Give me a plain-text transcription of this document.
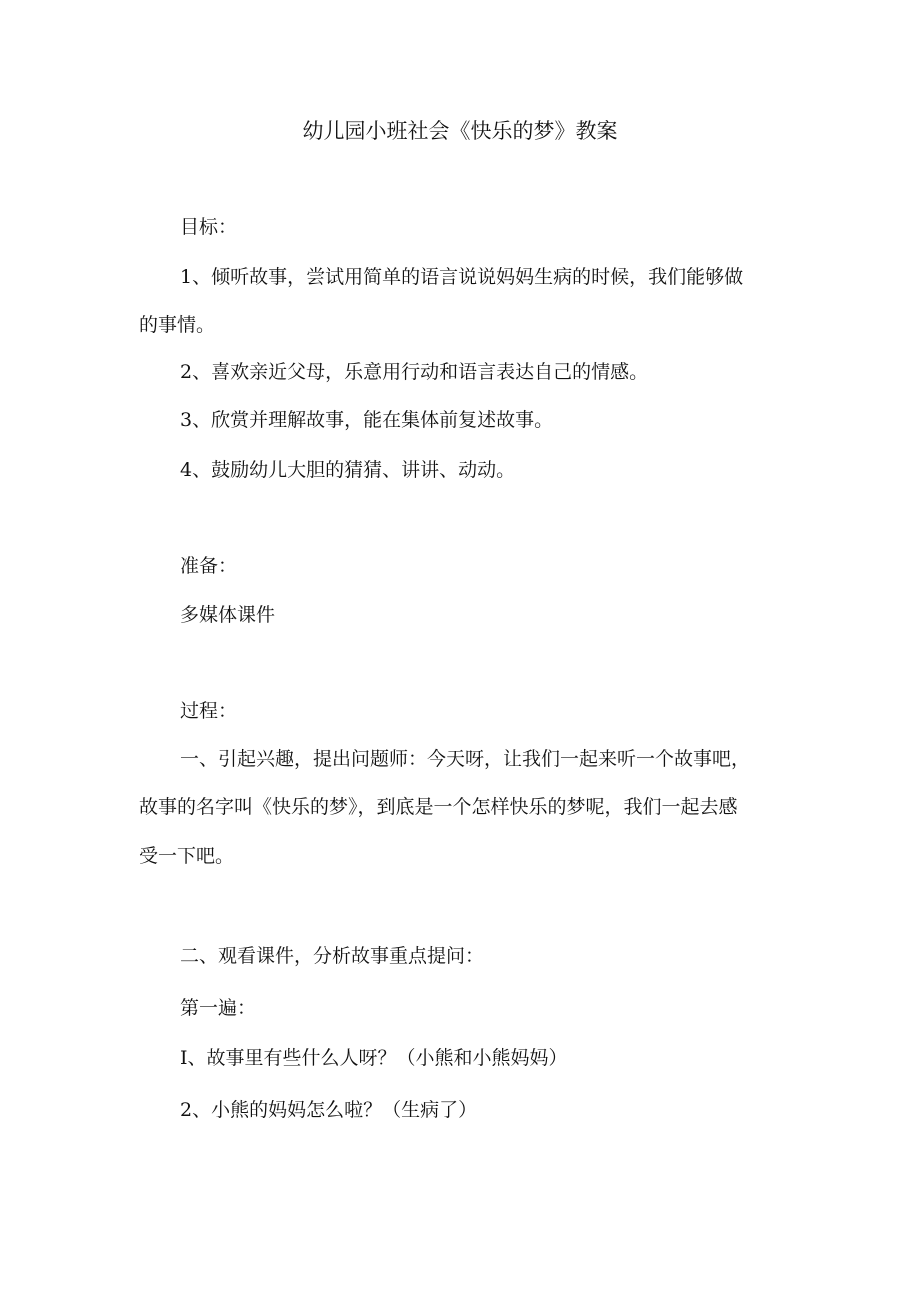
幼儿园小班社会《快乐的梦》教案
目标：
1、倾听故事，尝试用简单的语言说说妈妈生病的时候，我们能够做
的事情。
2、喜欢亲近父母，乐意用行动和语言表达自己的情感。
3、欣赏并理解故事，能在集体前复述故事。
4、鼓励幼儿大胆的猜猜、讲讲、动动。
准备：
多媒体课件
过程：
一、引起兴趣，提出问题师：今天呀，让我们一起来听一个故事吧，
故事的名字叫《快乐的梦》，到底是一个怎样快乐的梦呢，我们一起去感
受一下吧。
二、观看课件，分析故事重点提问：
第一遍：
I、故事里有些什么人呀？（小熊和小熊妈妈）
2、小熊的妈妈怎么啦？（生病了）
